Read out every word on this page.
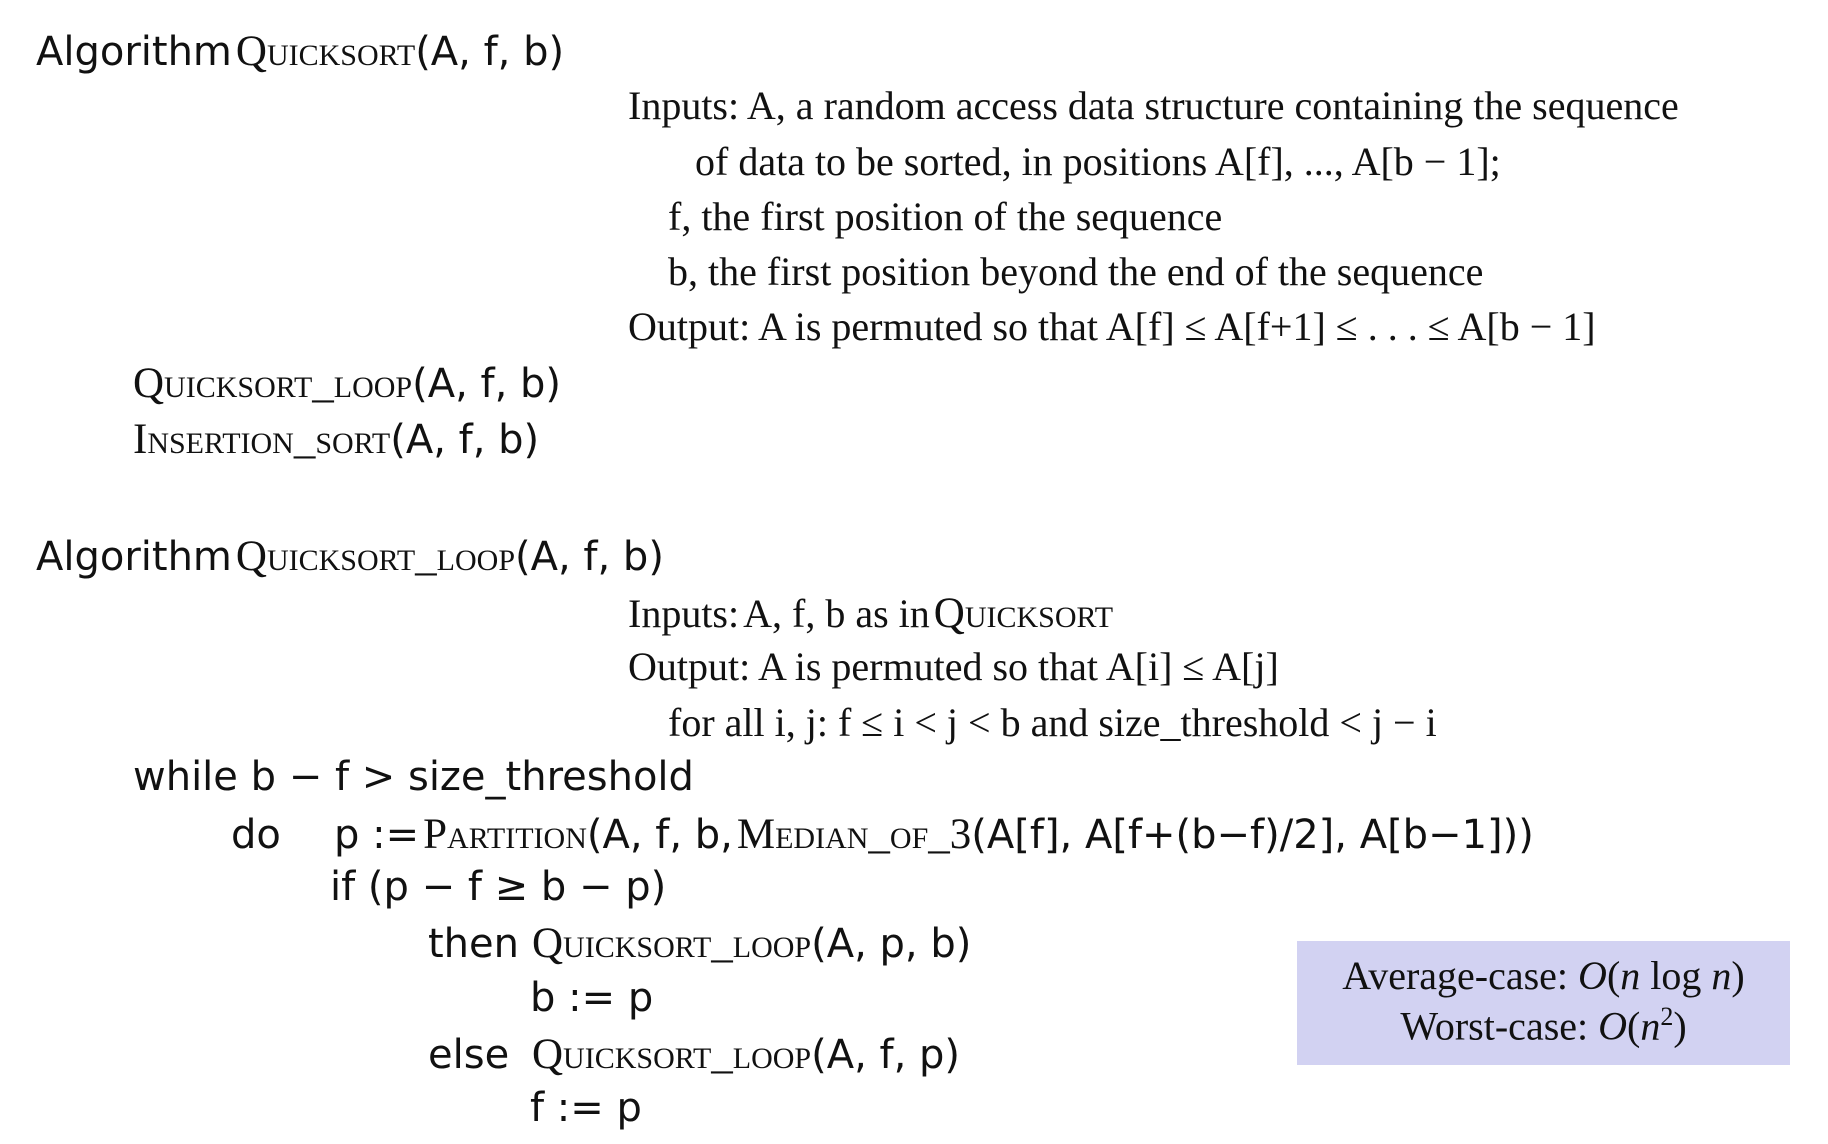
Algorithm Quicksort(A, f, b)
Inputs: A, a random access data structure containing the sequence
of data to be sorted, in positions A[f], ..., A[b − 1];
f, the first position of the sequence
b, the first position beyond the end of the sequence
Output: A is permuted so that A[f] ≤ A[f+1] ≤ . . . ≤ A[b − 1]
Quicksort_loop(A, f, b)
Insertion_sort(A, f, b)
Algorithm Quicksort_loop(A, f, b)
Inputs: A, f, b as in Quicksort
Output: A is permuted so that A[i] ≤ A[j]
for all i, j: f ≤ i < j < b and size_threshold < j − i
while b − f > size_threshold
do p := Partition(A, f, b, Median_of_3(A[f], A[f+(b−f)/2], A[b−1]))
if (p − f ≥ b − p)
then Quicksort_loop(A, p, b)
b := p
else Quicksort_loop(A, f, p)
f := p
Average-case: O(n log n)
Worst-case: $O(n^2)$
